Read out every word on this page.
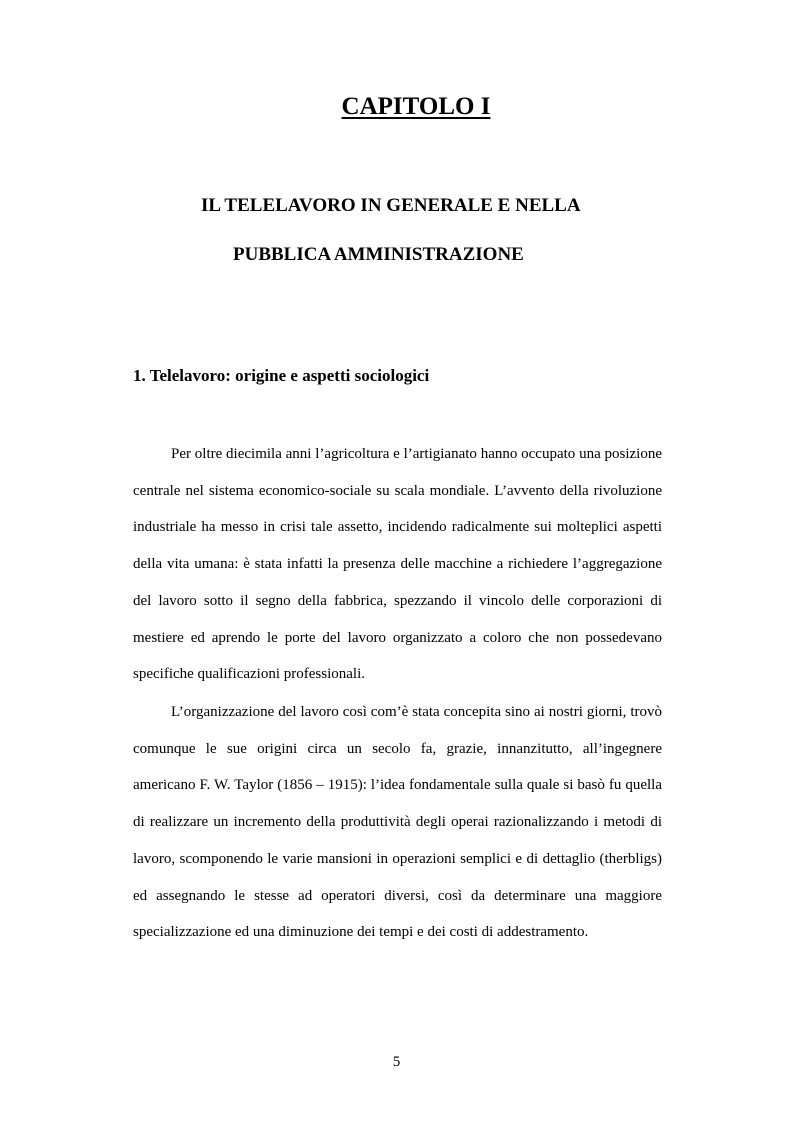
CAPITOLO I
IL TELELAVORO IN GENERALE E NELLA
PUBBLICA AMMINISTRAZIONE
1. Telelavoro: origine e aspetti sociologici

Per oltre diecimila anni l’agricoltura e l’artigianato hanno occupato una posizione centrale nel sistema economico-sociale su scala mondiale. L’avvento della rivoluzione industriale ha messo in crisi tale assetto, incidendo radicalmente sui molteplici aspetti della vita umana: è stata infatti la presenza delle macchine a richiedere l’aggregazione del lavoro sotto il segno della fabbrica, spezzando il vincolo delle corporazioni di mestiere ed aprendo le porte del lavoro organizzato a coloro che non possedevano specifiche qualificazioni professionali.

L’organizzazione del lavoro così com’è stata concepita sino ai nostri giorni, trovò comunque le sue origini circa un secolo fa, grazie, innanzitutto, all’ingegnere americano F. W. Taylor (1856 – 1915): l’idea fondamentale sulla quale si basò fu quella di realizzare un incremento della produttività degli operai razionalizzando i metodi di lavoro, scomponendo le varie mansioni in operazioni semplici e di dettaglio (therbligs) ed assegnando le stesse ad operatori diversi, così da determinare una maggiore specializzazione ed una diminuzione dei tempi e dei costi di addestramento.

5
